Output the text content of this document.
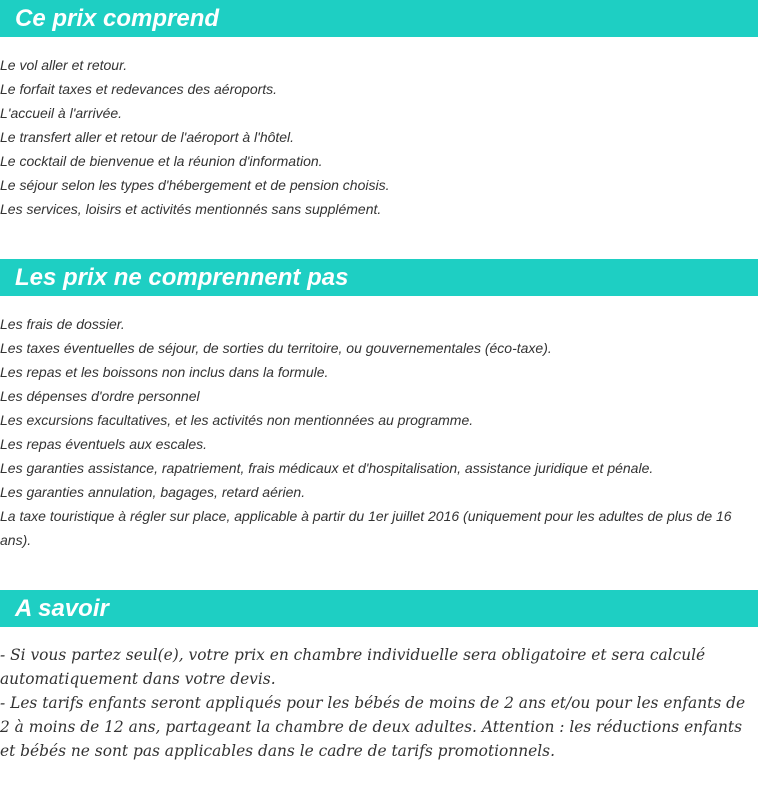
Ce prix comprend
Le vol aller et retour.
Le forfait taxes et redevances des aéroports.
L'accueil à l'arrivée.
Le transfert aller et retour de l'aéroport à l'hôtel.
Le cocktail de bienvenue et la réunion d'information.
Le séjour selon les types d'hébergement et de pension choisis.
Les services, loisirs et activités mentionnés sans supplément.
Les prix ne comprennent pas
Les frais de dossier.
Les taxes éventuelles de séjour, de sorties du territoire, ou gouvernementales (éco-taxe).
Les repas et les boissons non inclus dans la formule.
Les dépenses d'ordre personnel
Les excursions facultatives, et les activités non mentionnées au programme.
Les repas éventuels aux escales.
Les garanties assistance, rapatriement, frais médicaux et d'hospitalisation, assistance juridique et pénale.
Les garanties annulation, bagages, retard aérien.
La taxe touristique à régler sur place, applicable à partir du 1er juillet 2016 (uniquement pour les adultes de plus de 16 ans).
A savoir

- Si vous partez seul(e), votre prix en chambre individuelle sera obligatoire et sera calculé automatiquement dans votre devis.

- Les tarifs enfants seront appliqués pour les bébés de moins de 2 ans et/ou pour les enfants de 2 à moins de 12 ans, partageant la chambre de deux adultes. Attention : les réductions enfants et bébés ne sont pas applicables dans le cadre de tarifs promotionnels.
